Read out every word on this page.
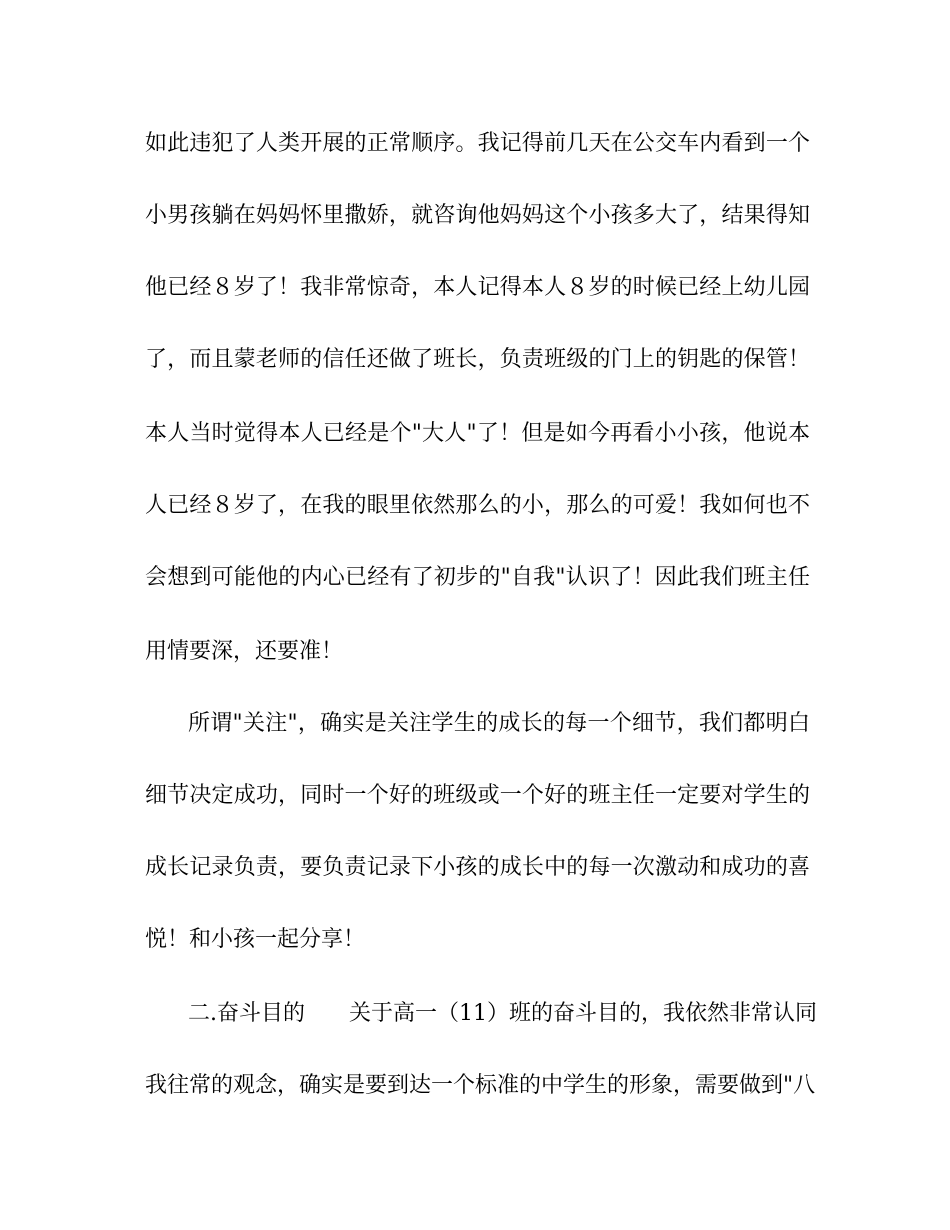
如此违犯了人类开展的正常顺序。我记得前几天在公交车内看到一个
小男孩躺在妈妈怀里撒娇，就咨询他妈妈这个小孩多大了，结果得知
他已经８岁了！我非常惊奇，本人记得本人８岁的时候已经上幼儿园
了，而且蒙老师的信任还做了班长，负责班级的门上的钥匙的保管！
本人当时觉得本人已经是个"大人"了！但是如今再看小小孩，他说本
人已经８岁了，在我的眼里依然那么的小，那么的可爱！我如何也不
会想到可能他的内心已经有了初步的"自我"认识了！因此我们班主任
用情要深，还要准！
所谓"关注"，确实是关注学生的成长的每一个细节，我们都明白
细节决定成功，同时一个好的班级或一个好的班主任一定要对学生的
成长记录负责，要负责记录下小孩的成长中的每一次激动和成功的喜
悦！和小孩一起分享！
二.奋斗目的　　关于高一（11）班的奋斗目的，我依然非常认同
我往常的观念，确实是要到达一个标准的中学生的形象，需要做到"八
